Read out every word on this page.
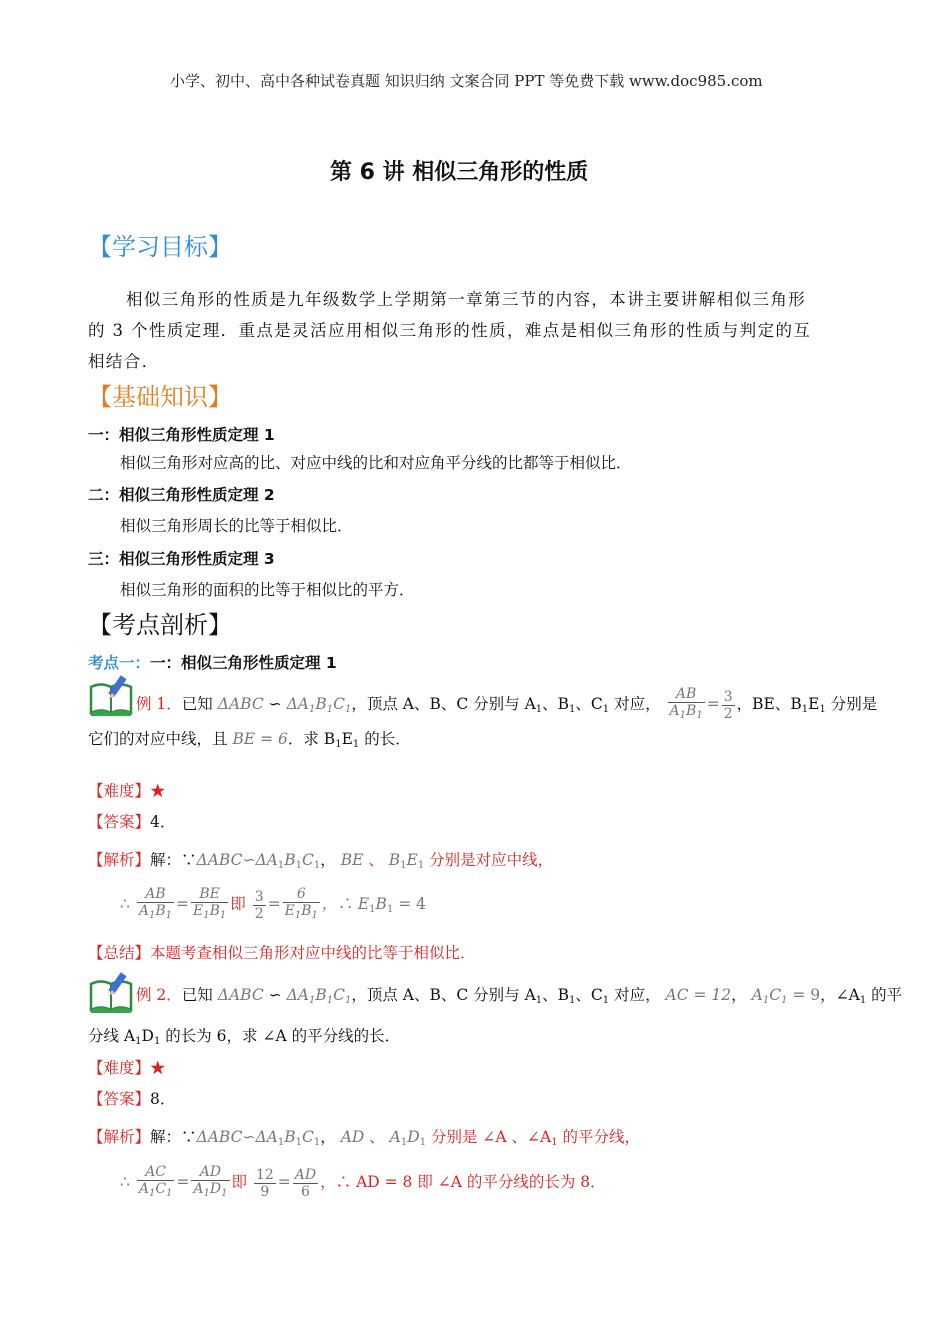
小学、初中、高中各种试卷真题 知识归纳 文案合同 PPT 等免费下载 www.doc985.com
第 6 讲 相似三角形的性质
【学习目标】
相似三角形的性质是九年级数学上学期第一章第三节的内容，本讲主要讲解相似三角形
的 3 个性质定理．重点是灵活应用相似三角形的性质，难点是相似三角形的性质与判定的互
相结合．
【基础知识】
一：相似三角形性质定理 1
相似三角形对应高的比、对应中线的比和对应角平分线的比都等于相似比．
二：相似三角形性质定理 2
相似三角形周长的比等于相似比．
三：相似三角形性质定理 3
相似三角形的面积的比等于相似比的平方．
【考点剖析】
考点一：一：相似三角形性质定理 1
例 1．已知 ΔABC ∽ ΔA1B1C1，顶点 A、B、C 分别与 A1、B1、C1 对应， $\frac{AB}{A_1B_1} = \frac{3}{2}$ ，BE、B1E1 分别是
它们的对应中线，且 BE = 6．求 B1E1 的长．
【难度】★
【答案】4．
【解析】解：∵ΔABC∽ΔA1B1C1， BE 、 B1E1 分别是对应中线，
∴ $\frac{AB}{A_1B_1} = \frac{BE}{E_1B_1}$ 即 $\frac{3}{2} = \frac{6}{E_1B_1}$ ，∴ E1B1 = 4
【总结】本题考查相似三角形对应中线的比等于相似比．
例 2．已知 ΔABC ∽ ΔA1B1C1，顶点 A、B、C 分别与 A1、B1、C1 对应， AC = 12， A1C1 = 9，∠A1 的平
分线 A1D1 的长为 6，求 ∠A 的平分线的长．
【难度】★
【答案】8．
【解析】解：∵ΔABC∽ΔA1B1C1， AD 、 A1D1 分别是 ∠A 、∠A1 的平分线，
∴ $\frac{AC}{A_1C_1} = \frac{AD}{A_1D_1}$ 即 $\frac{12}{9} = \frac{AD}{6}$ ，∴ AD = 8 即 ∠A 的平分线的长为 8．
